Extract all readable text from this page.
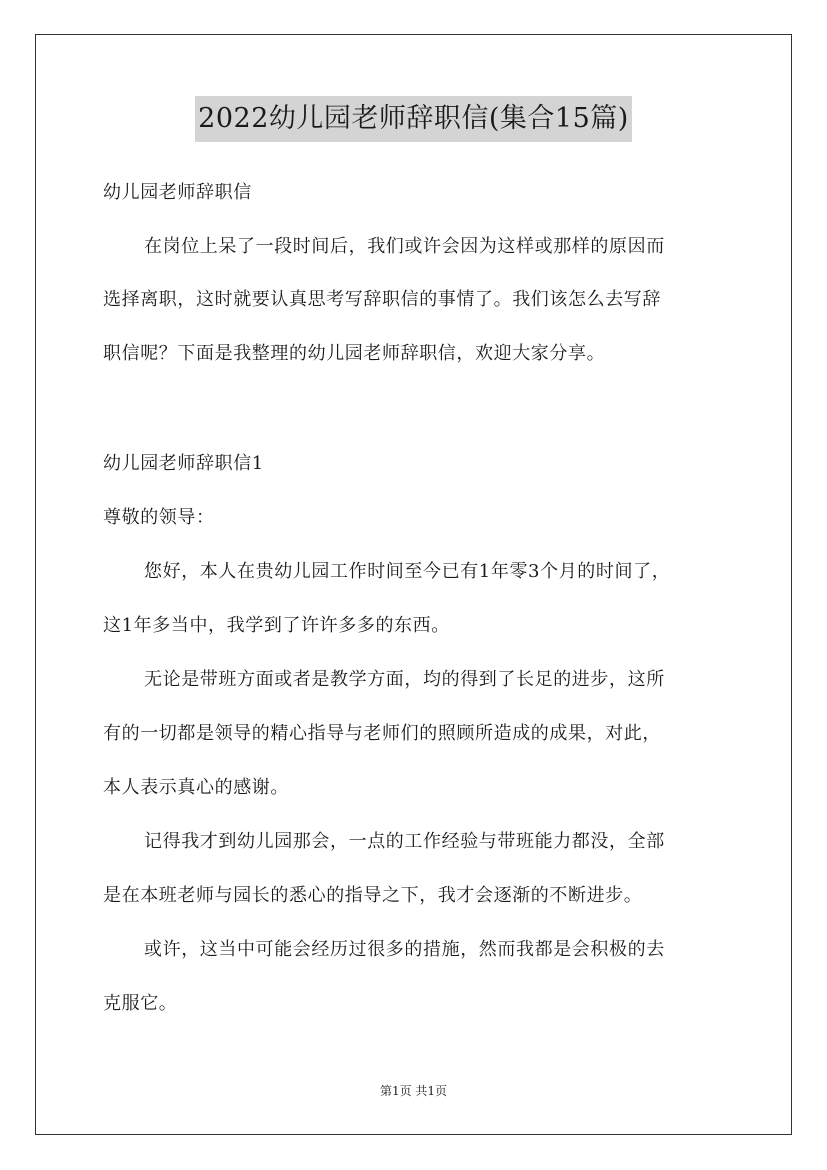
2022幼儿园老师辞职信(集合15篇)
幼儿园老师辞职信
在岗位上呆了一段时间后，我们或许会因为这样或那样的原因而
选择离职，这时就要认真思考写辞职信的事情了。我们该怎么去写辞
职信呢？下面是我整理的幼儿园老师辞职信，欢迎大家分享。
幼儿园老师辞职信1
尊敬的领导：
您好，本人在贵幼儿园工作时间至今已有1年零3个月的时间了，
这1年多当中，我学到了许许多多的东西。
无论是带班方面或者是教学方面，均的得到了长足的进步，这所
有的一切都是领导的精心指导与老师们的照顾所造成的成果，对此，
本人表示真心的感谢。
记得我才到幼儿园那会，一点的工作经验与带班能力都没，全部
是在本班老师与园长的悉心的指导之下，我才会逐渐的不断进步。
或许，这当中可能会经历过很多的措施，然而我都是会积极的去
克服它。
第1页 共1页
